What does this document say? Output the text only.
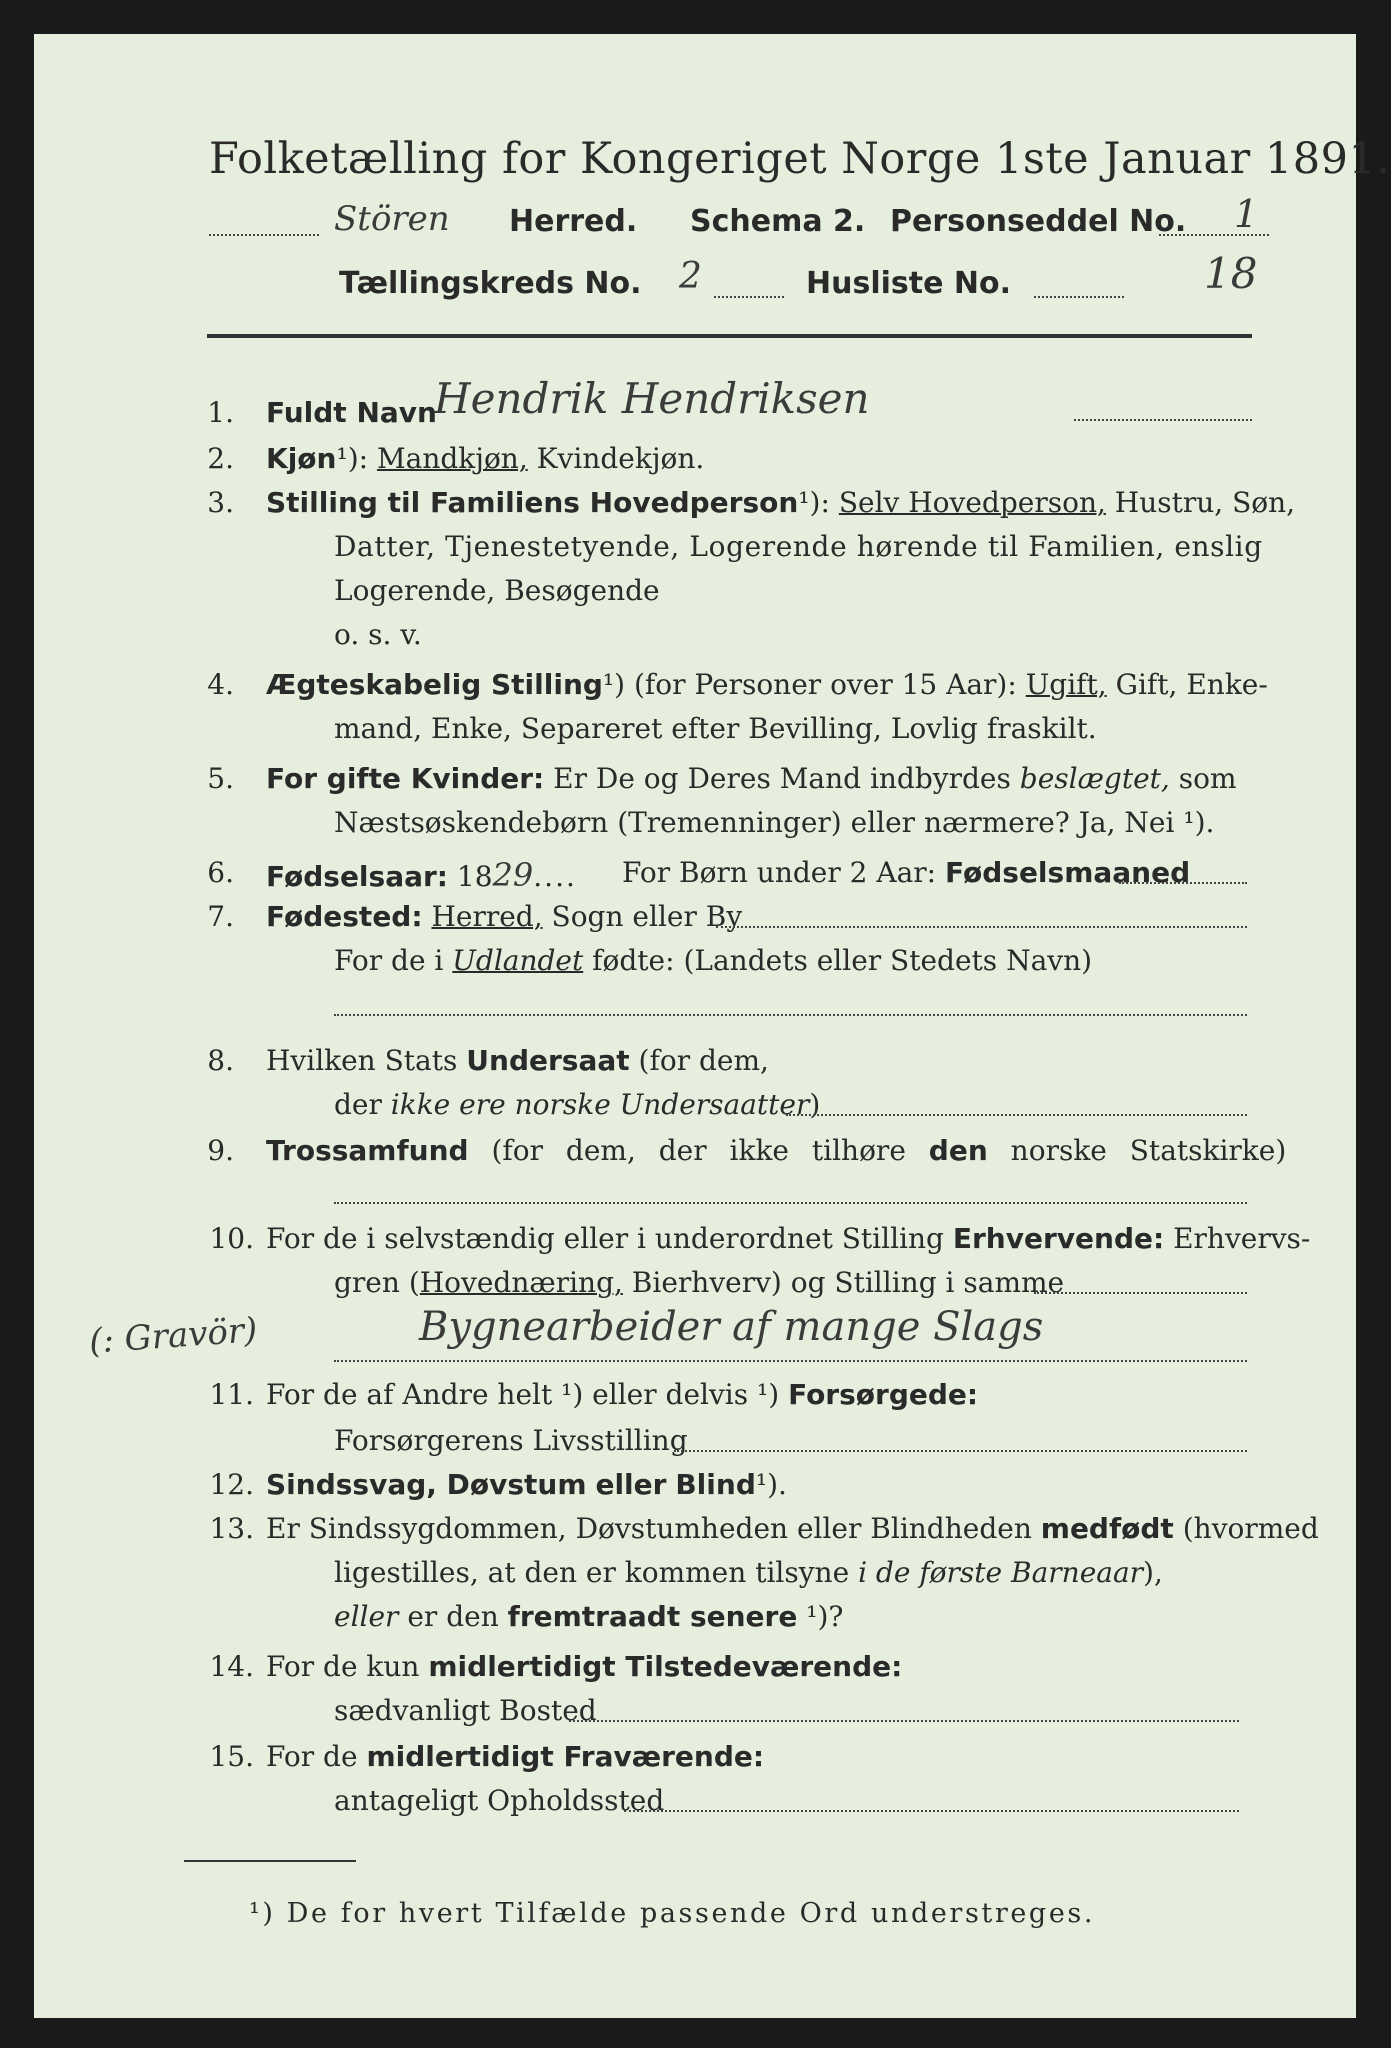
Folketælling for Kongeriget Norge 1ste Januar 1891.
Stören Herred. Schema 2. Personseddel No. 1
Tællingskreds No. 2	Husliste No.	18
1. Fuldt Navn
Hendrik Hendriksen
2. Kjøn¹): Mandkjøn, Kvindekjøn.
3. Stilling til Familiens Hovedperson¹): Selv Hovedperson, Hustru, Søn,
Datter, Tjenestetyende, Logerende hørende til Familien, enslig
Logerende, Besøgende
o. s. v.
4. Ægteskabelig Stilling¹) (for Personer over 15 Aar): Ugift, Gift, Enke-
mand, Enke, Separeret efter Bevilling, Lovlig fraskilt.
5. For gifte Kvinder: Er De og Deres Mand indbyrdes beslægtet, som
Næstsøskendebørn (Tremenninger) eller nærmere? Ja, Nei ¹).
6. Fødselsaar: 1829.... For Børn under 2 Aar: Fødselsmaaned
7. Fødested: Herred, Sogn eller By
For de i Udlandet fødte: (Landets eller Stedets Navn)
8. Hvilken Stats Undersaat (for dem,
der ikke ere norske Undersaatter)
9. Trossamfund (for dem, der ikke tilhøre den norske Statskirke)
10. For de i selvstændig eller i underordnet Stilling Erhvervende: Erhvervs-
gren (Hovednæring, Bierhverv) og Stilling i samme
(: Gravör)	Bygnearbeider af mange Slags
11. For de af Andre helt ¹) eller delvis ¹) Forsørgede:
Forsørgerens Livsstilling
12. Sindssvag, Døvstum eller Blind¹).
13. Er Sindssygdommen, Døvstumheden eller Blindheden medfødt (hvormed
ligestilles, at den er kommen tilsyne i de første Barneaar),
eller er den fremtraadt senere ¹)?
14. For de kun midlertidigt Tilstedeværende:
sædvanligt Bosted
15. For de midlertidigt Fraværende:
antageligt Opholdssted
¹) De for hvert Tilfælde passende Ord understreges.
